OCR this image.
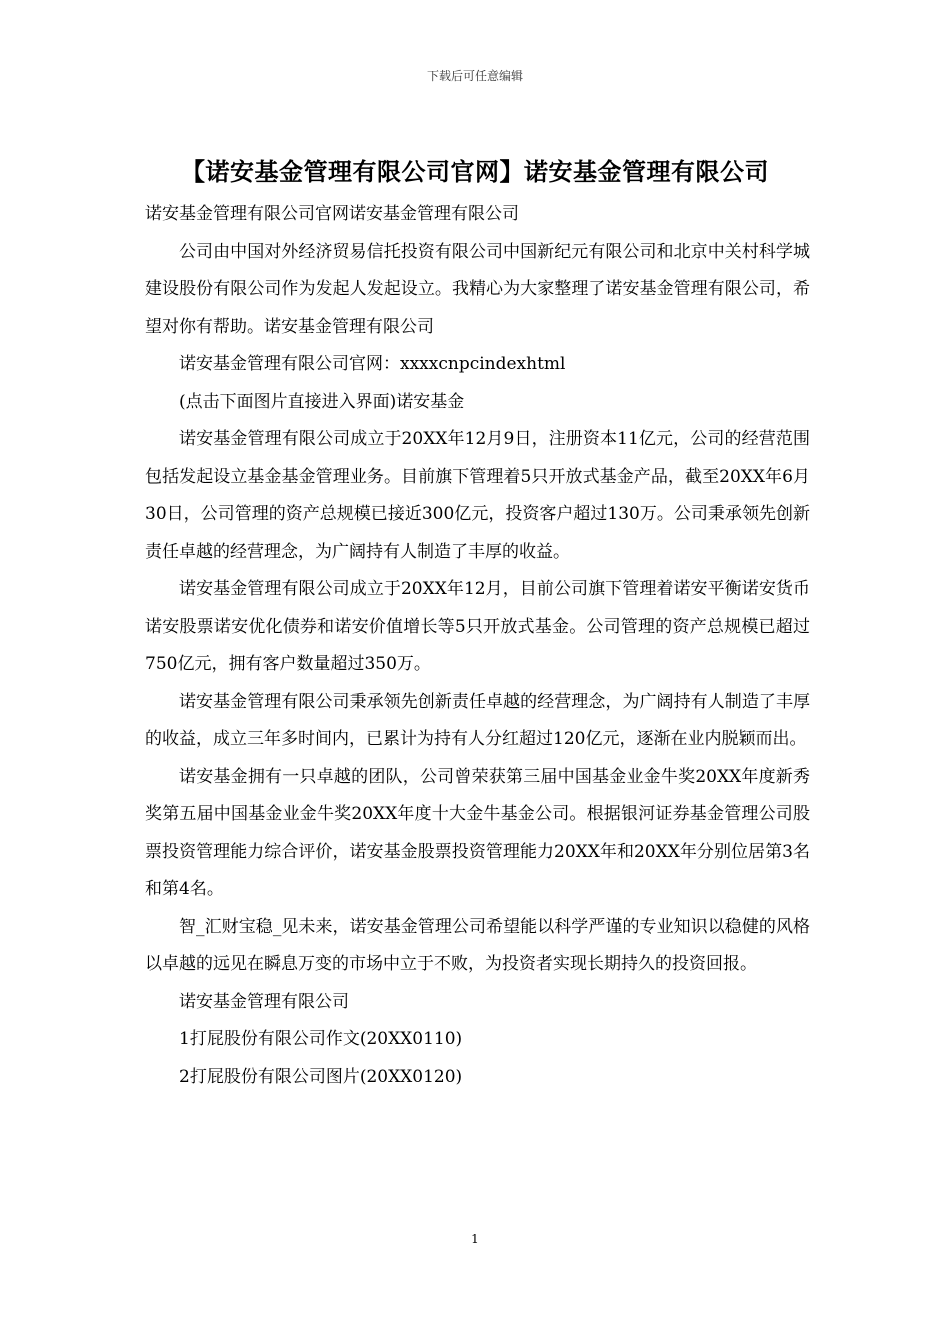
下载后可任意编辑
【诺安基金管理有限公司官网】诺安基金管理有限公司

诺安基金管理有限公司官网诺安基金管理有限公司

公司由中国对外经济贸易信托投资有限公司中国新纪元有限公司和北京中关村科学城建设股份有限公司作为发起人发起设立。我精心为大家整理了诺安基金管理有限公司，希望对你有帮助。诺安基金管理有限公司

诺安基金管理有限公司官网：xxxxcnpcindexhtml

(点击下面图片直接进入界面)诺安基金

诺安基金管理有限公司成立于20XX年12月9日，注册资本11亿元，公司的经营范围包括发起设立基金基金管理业务。目前旗下管理着5只开放式基金产品，截至20XX年6月30日，公司管理的资产总规模已接近300亿元，投资客户超过130万。公司秉承领先创新责任卓越的经营理念，为广阔持有人制造了丰厚的收益。

诺安基金管理有限公司成立于20XX年12月，目前公司旗下管理着诺安平衡诺安货币诺安股票诺安优化债券和诺安价值增长等5只开放式基金。公司管理的资产总规模已超过750亿元，拥有客户数量超过350万。

诺安基金管理有限公司秉承领先创新责任卓越的经营理念，为广阔持有人制造了丰厚的收益，成立三年多时间内，已累计为持有人分红超过120亿元，逐渐在业内脱颖而出。

诺安基金拥有一只卓越的团队，公司曾荣获第三届中国基金业金牛奖20XX年度新秀奖第五届中国基金业金牛奖20XX年度十大金牛基金公司。根据银河证券基金管理公司股票投资管理能力综合评价，诺安基金股票投资管理能力20XX年和20XX年分别位居第3名和第4名。

智_汇财宝稳_见未来，诺安基金管理公司希望能以科学严谨的专业知识以稳健的风格以卓越的远见在瞬息万变的市场中立于不败，为投资者实现长期持久的投资回报。

诺安基金管理有限公司

1打屁股份有限公司作文(20XX0110)

2打屁股份有限公司图片(20XX0120)

1
